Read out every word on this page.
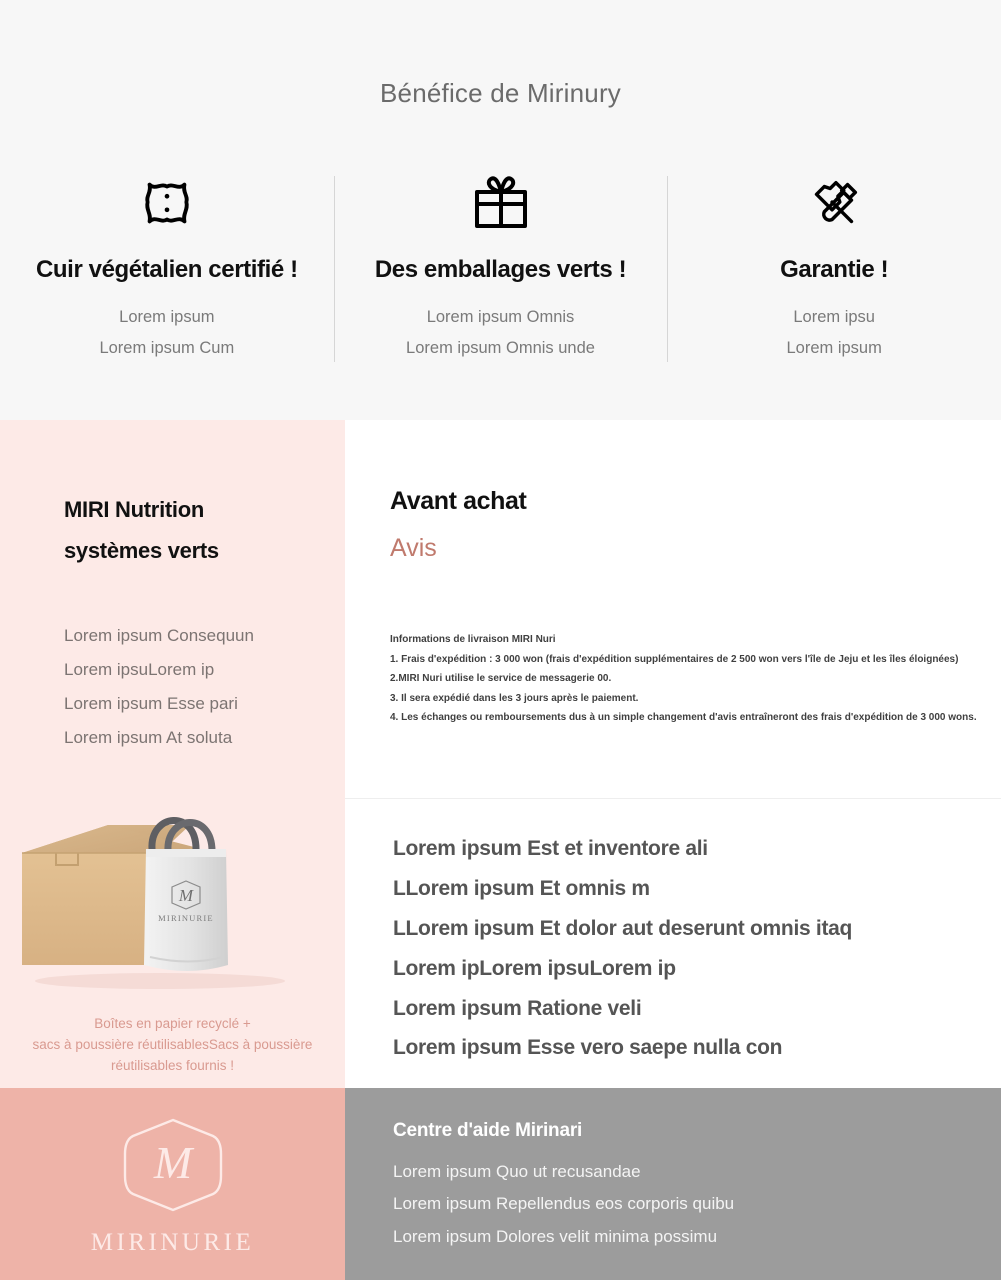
Bénéfice de Mirinury
Cuir végétalien certifié !
Lorem ipsum
Lorem ipsum Cum
Des emballages verts !
Lorem ipsum Omnis
Lorem ipsum Omnis unde
Garantie !
Lorem ipsu
Lorem ipsum
MIRI Nutrition
systèmes verts
Lorem ipsum Consequun
Lorem ipsuLorem ip
Lorem ipsum Esse pari
Lorem ipsum At soluta
M
MIRINURIE
Boîtes en papier recyclé +
sacs à poussière réutilisablesSacs à poussière
réutilisables fournis !
Avant achat
Avis
Informations de livraison MIRI Nuri
1. Frais d'expédition : 3 000 won (frais d'expédition supplémentaires de 2 500 won vers l'île de Jeju et les îles éloignées)
2.MIRI Nuri utilise le service de messagerie 00.
3. Il sera expédié dans les 3 jours après le paiement.
4. Les échanges ou remboursements dus à un simple changement d'avis entraîneront des frais d'expédition de 3 000 wons.
Lorem ipsum Est et inventore ali
LLorem ipsum Et omnis m
LLorem ipsum Et dolor aut deserunt omnis itaq
Lorem ipLorem ipsuLorem ip
Lorem ipsum Ratione veli
Lorem ipsum Esse vero saepe nulla con
M
MIRINURIE
Centre d'aide Mirinari
Lorem ipsum Quo ut recusandae
Lorem ipsum Repellendus eos corporis quibu
Lorem ipsum Dolores velit minima possimu
